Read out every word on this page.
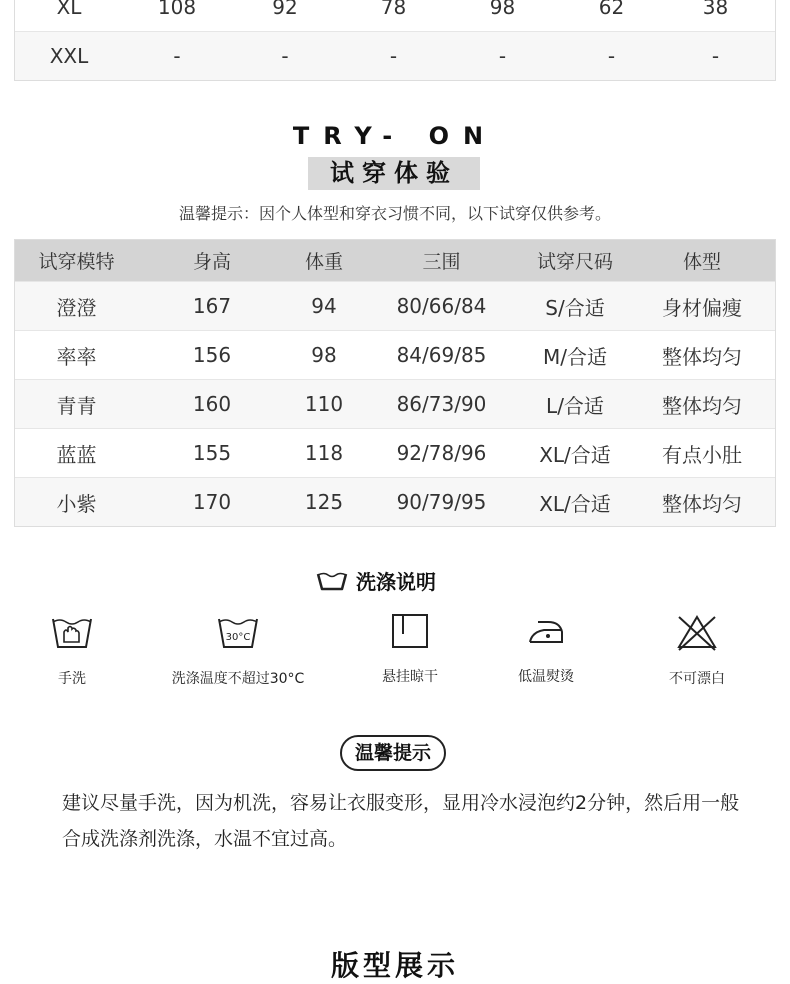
XL	108	92	78	98	62	38
XXL	-	-	-	-	-	-
TRY- ON
试穿体验
温馨提示：因个人体型和穿衣习惯不同，以下试穿仅供参考。
试穿模特	身高	体重	三围	试穿尺码	体型
澄澄	167	94	80/66/84	S/合适	身材偏瘦
率率	156	98	84/69/85	M/合适	整体均匀
青青	160	110	86/73/90	L/合适	整体均匀
蓝蓝	155	118	92/78/96	XL/合适	有点小肚
小紫	170	125	90/79/95	XL/合适	整体均匀
洗涤说明
手洗
30°C
洗涤温度不超过30°C	悬挂晾干	低温熨烫	不可漂白
温馨提示
建议尽量手洗，因为机洗，容易让衣服变形，显用冷水浸泡约2分钟，然后用一般合成洗涤剂洗涤，水温不宜过高。
版型展示
